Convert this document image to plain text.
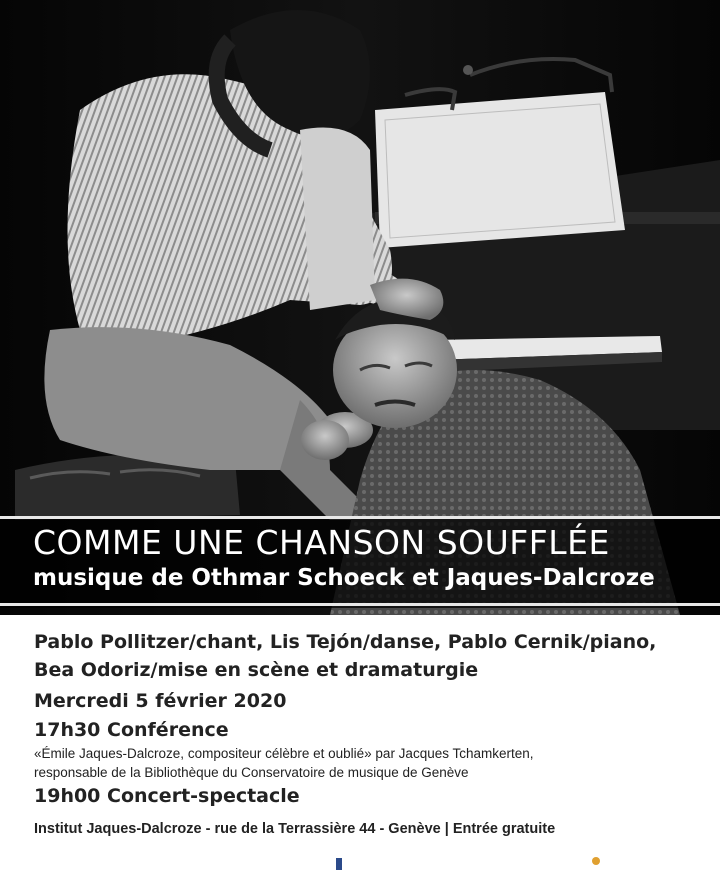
COMME UNE CHANSON SOUFFLÉE
musique de Othmar Schoeck et Jaques-Dalcroze
Pablo Pollitzer/chant, Lis Tejón/danse, Pablo Cernik/piano,
Bea Odoriz/mise en scène et dramaturgie
Mercredi 5 février 2020
17h30 Conférence
«Émile Jaques-Dalcroze, compositeur célèbre et oublié» par Jacques Tchamkerten,
responsable de la Bibliothèque du Conservatoire de musique de Genève
19h00 Concert-spectacle
Institut Jaques-Dalcroze - rue de la Terrassière 44 - Genève | Entrée gratuite
